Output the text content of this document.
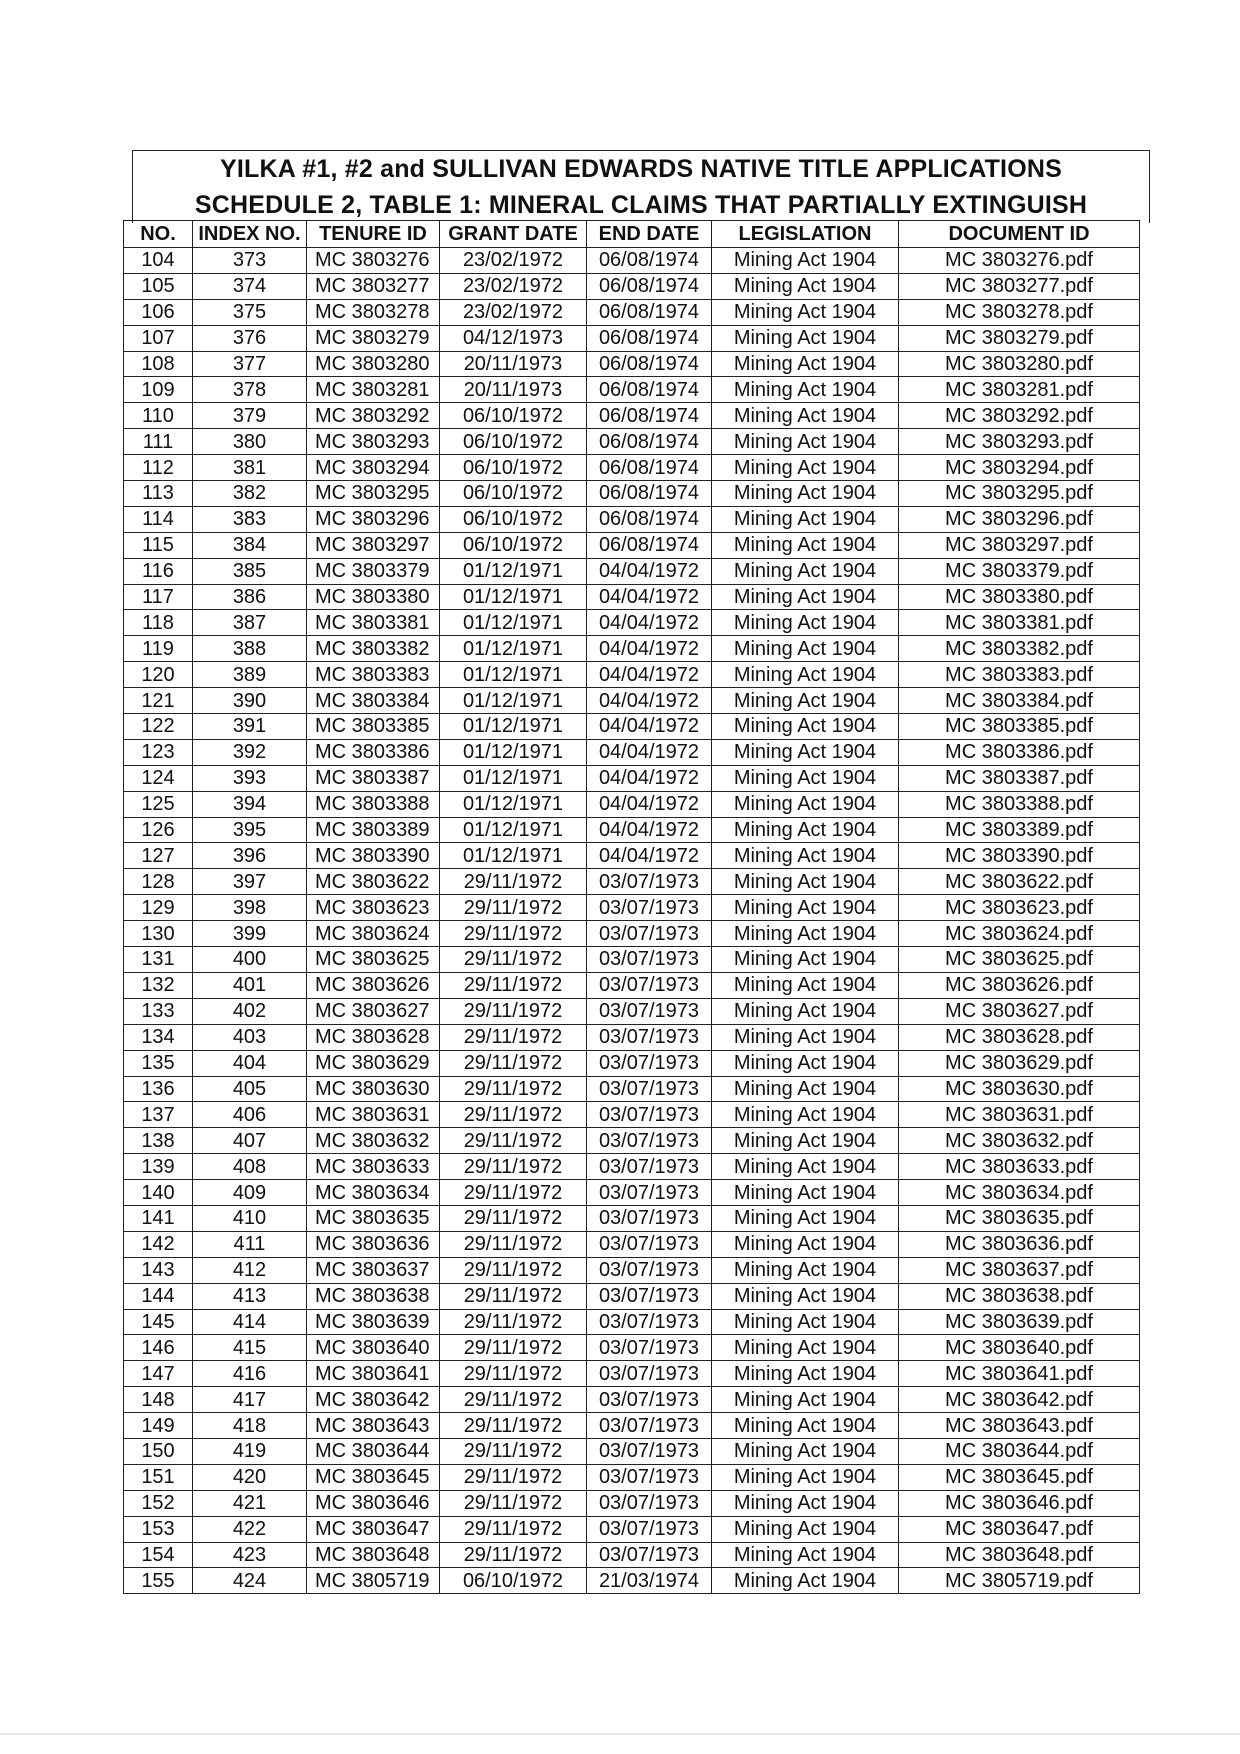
YILKA #1, #2 and SULLIVAN EDWARDS NATIVE TITLE APPLICATIONS
SCHEDULE 2, TABLE 1: MINERAL CLAIMS THAT PARTIALLY EXTINGUISH
NO.	INDEX NO.	TENURE ID	GRANT DATE	END DATE	LEGISLATION	DOCUMENT ID
104	373	MC 3803276	23/02/1972	06/08/1974	Mining Act 1904	MC 3803276.pdf
105	374	MC 3803277	23/02/1972	06/08/1974	Mining Act 1904	MC 3803277.pdf
106	375	MC 3803278	23/02/1972	06/08/1974	Mining Act 1904	MC 3803278.pdf
107	376	MC 3803279	04/12/1973	06/08/1974	Mining Act 1904	MC 3803279.pdf
108	377	MC 3803280	20/11/1973	06/08/1974	Mining Act 1904	MC 3803280.pdf
109	378	MC 3803281	20/11/1973	06/08/1974	Mining Act 1904	MC 3803281.pdf
110	379	MC 3803292	06/10/1972	06/08/1974	Mining Act 1904	MC 3803292.pdf
111	380	MC 3803293	06/10/1972	06/08/1974	Mining Act 1904	MC 3803293.pdf
112	381	MC 3803294	06/10/1972	06/08/1974	Mining Act 1904	MC 3803294.pdf
113	382	MC 3803295	06/10/1972	06/08/1974	Mining Act 1904	MC 3803295.pdf
114	383	MC 3803296	06/10/1972	06/08/1974	Mining Act 1904	MC 3803296.pdf
115	384	MC 3803297	06/10/1972	06/08/1974	Mining Act 1904	MC 3803297.pdf
116	385	MC 3803379	01/12/1971	04/04/1972	Mining Act 1904	MC 3803379.pdf
117	386	MC 3803380	01/12/1971	04/04/1972	Mining Act 1904	MC 3803380.pdf
118	387	MC 3803381	01/12/1971	04/04/1972	Mining Act 1904	MC 3803381.pdf
119	388	MC 3803382	01/12/1971	04/04/1972	Mining Act 1904	MC 3803382.pdf
120	389	MC 3803383	01/12/1971	04/04/1972	Mining Act 1904	MC 3803383.pdf
121	390	MC 3803384	01/12/1971	04/04/1972	Mining Act 1904	MC 3803384.pdf
122	391	MC 3803385	01/12/1971	04/04/1972	Mining Act 1904	MC 3803385.pdf
123	392	MC 3803386	01/12/1971	04/04/1972	Mining Act 1904	MC 3803386.pdf
124	393	MC 3803387	01/12/1971	04/04/1972	Mining Act 1904	MC 3803387.pdf
125	394	MC 3803388	01/12/1971	04/04/1972	Mining Act 1904	MC 3803388.pdf
126	395	MC 3803389	01/12/1971	04/04/1972	Mining Act 1904	MC 3803389.pdf
127	396	MC 3803390	01/12/1971	04/04/1972	Mining Act 1904	MC 3803390.pdf
128	397	MC 3803622	29/11/1972	03/07/1973	Mining Act 1904	MC 3803622.pdf
129	398	MC 3803623	29/11/1972	03/07/1973	Mining Act 1904	MC 3803623.pdf
130	399	MC 3803624	29/11/1972	03/07/1973	Mining Act 1904	MC 3803624.pdf
131	400	MC 3803625	29/11/1972	03/07/1973	Mining Act 1904	MC 3803625.pdf
132	401	MC 3803626	29/11/1972	03/07/1973	Mining Act 1904	MC 3803626.pdf
133	402	MC 3803627	29/11/1972	03/07/1973	Mining Act 1904	MC 3803627.pdf
134	403	MC 3803628	29/11/1972	03/07/1973	Mining Act 1904	MC 3803628.pdf
135	404	MC 3803629	29/11/1972	03/07/1973	Mining Act 1904	MC 3803629.pdf
136	405	MC 3803630	29/11/1972	03/07/1973	Mining Act 1904	MC 3803630.pdf
137	406	MC 3803631	29/11/1972	03/07/1973	Mining Act 1904	MC 3803631.pdf
138	407	MC 3803632	29/11/1972	03/07/1973	Mining Act 1904	MC 3803632.pdf
139	408	MC 3803633	29/11/1972	03/07/1973	Mining Act 1904	MC 3803633.pdf
140	409	MC 3803634	29/11/1972	03/07/1973	Mining Act 1904	MC 3803634.pdf
141	410	MC 3803635	29/11/1972	03/07/1973	Mining Act 1904	MC 3803635.pdf
142	411	MC 3803636	29/11/1972	03/07/1973	Mining Act 1904	MC 3803636.pdf
143	412	MC 3803637	29/11/1972	03/07/1973	Mining Act 1904	MC 3803637.pdf
144	413	MC 3803638	29/11/1972	03/07/1973	Mining Act 1904	MC 3803638.pdf
145	414	MC 3803639	29/11/1972	03/07/1973	Mining Act 1904	MC 3803639.pdf
146	415	MC 3803640	29/11/1972	03/07/1973	Mining Act 1904	MC 3803640.pdf
147	416	MC 3803641	29/11/1972	03/07/1973	Mining Act 1904	MC 3803641.pdf
148	417	MC 3803642	29/11/1972	03/07/1973	Mining Act 1904	MC 3803642.pdf
149	418	MC 3803643	29/11/1972	03/07/1973	Mining Act 1904	MC 3803643.pdf
150	419	MC 3803644	29/11/1972	03/07/1973	Mining Act 1904	MC 3803644.pdf
151	420	MC 3803645	29/11/1972	03/07/1973	Mining Act 1904	MC 3803645.pdf
152	421	MC 3803646	29/11/1972	03/07/1973	Mining Act 1904	MC 3803646.pdf
153	422	MC 3803647	29/11/1972	03/07/1973	Mining Act 1904	MC 3803647.pdf
154	423	MC 3803648	29/11/1972	03/07/1973	Mining Act 1904	MC 3803648.pdf
155	424	MC 3805719	06/10/1972	21/03/1974	Mining Act 1904	MC 3805719.pdf
